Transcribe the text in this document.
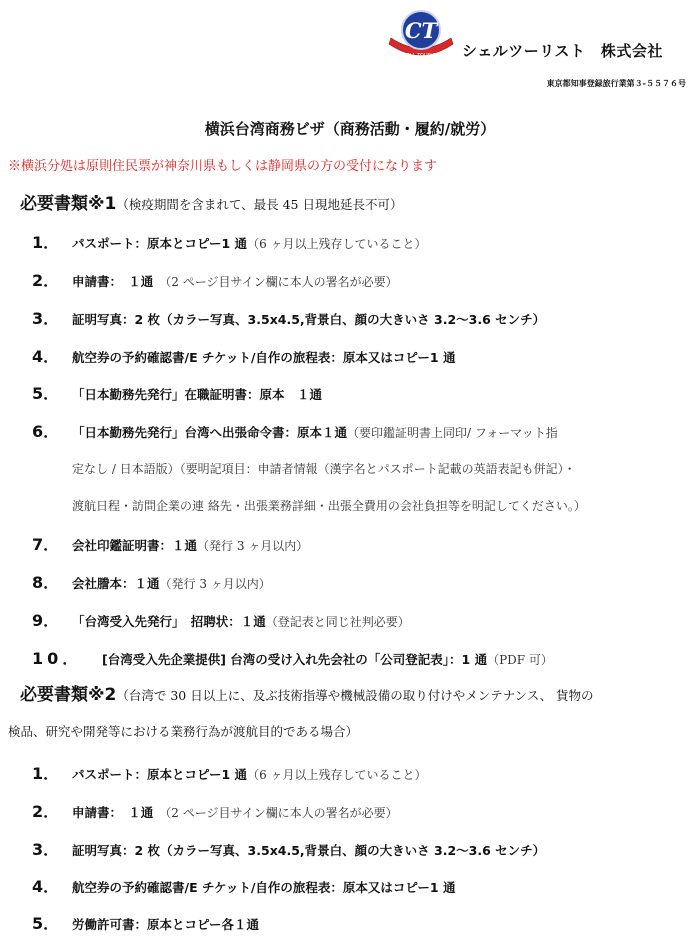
CT
CELL TOURIST シェルツーリスト　株式会社
東京都知事登録旅行業第３-５５７６号
横浜台湾商務ビザ（商務活動・履約/就労）
※横浜分処は原則住民票が神奈川県もしくは静岡県の方の受付になります
必要書類※1（検疫期間を含まれて、最長 45 日現地延長不可）
1． パスポート：原本とコピー1 通（6 ヶ月以上残存していること）
2． 申請書：　１通　（2 ページ目サイン欄に本人の署名が必要）
3． 証明写真：2 枚（カラー写真、3.5x4.5,背景白、顔の大きいさ 3.2〜3.6 センチ）
4． 航空券の予約確認書/E チケット/自作の旅程表：原本又はコピー1 通
5． 「日本勤務先発行」在職証明書：原本　１通
6． 「日本勤務先発行」台湾へ出張命令書：原本１通（要印鑑証明書上同印/ フォーマット指
定なし / 日本語版）（要明記項目：申請者情報（漢字名とパスポート記載の英語表記も併記）・
渡航日程・訪問企業の連 絡先・出張業務詳細・出張全費用の会社負担等を明記してください。）
7． 会社印鑑証明書：１通（発行 3 ヶ月以内）
8． 会社謄本：１通（発行 3 ヶ月以内）
9． 「台湾受入先発行」　招聘状：１通（登記表と同じ社判必要）
10． [台湾受入先企業提供] 台湾の受け入れ先会社の「公司登記表」：1 通（PDF 可）
必要書類※2（台湾で 30 日以上に、及ぶ技術指導や機械設備の取り付けやメンテナンス、 貨物の
検品、研究や開発等における業務行為が渡航目的である場合）
1． パスポート：原本とコピー1 通（6 ヶ月以上残存していること）
2． 申請書：　１通　（2 ページ目サイン欄に本人の署名が必要）
3． 証明写真：2 枚（カラー写真、3.5x4.5,背景白、顔の大きいさ 3.2〜3.6 センチ）
4． 航空券の予約確認書/E チケット/自作の旅程表：原本又はコピー1 通
5． 労働許可書：原本とコピー各１通
